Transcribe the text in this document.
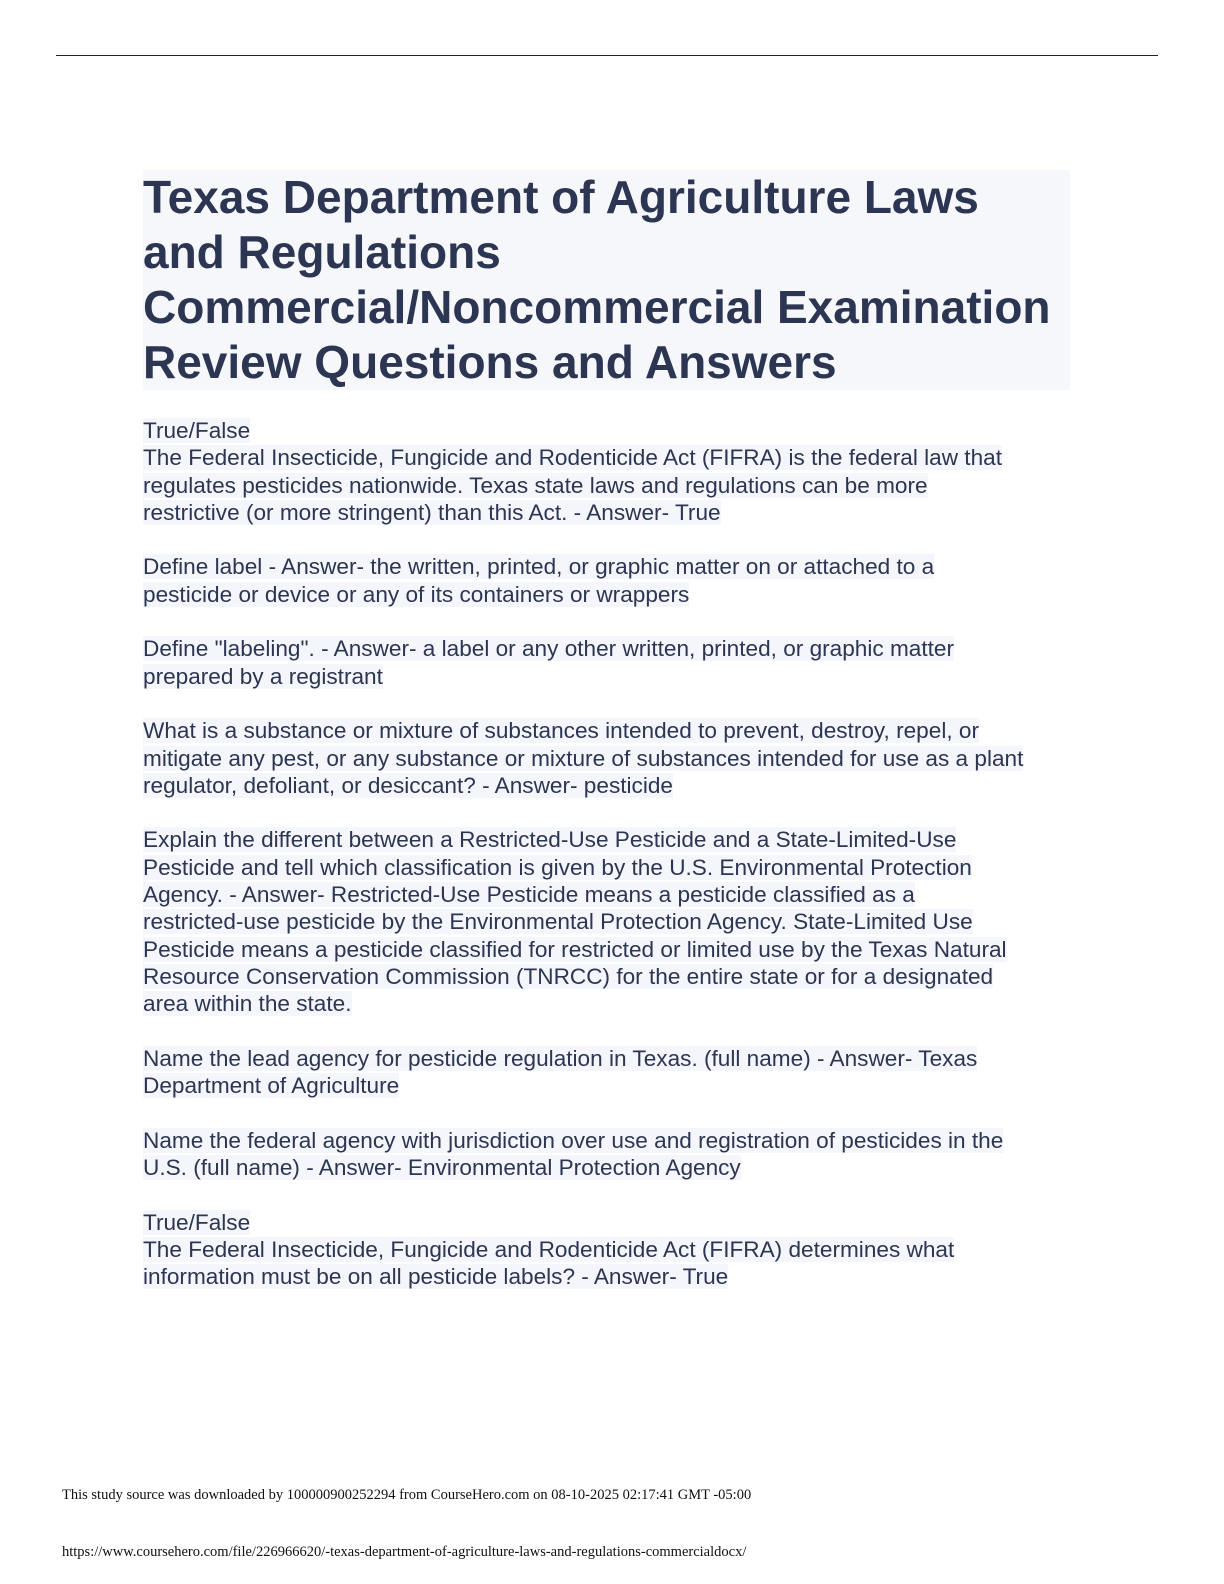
Texas Department of Agriculture Laws and Regulations Commercial/Noncommercial Examination Review Questions and Answers
True/False
The Federal Insecticide, Fungicide and Rodenticide Act (FIFRA) is the federal law that
regulates pesticides nationwide. Texas state laws and regulations can be more
restrictive (or more stringent) than this Act. - Answer- True
Define label - Answer- the written, printed, or graphic matter on or attached to a
pesticide or device or any of its containers or wrappers
Define "labeling". - Answer- a label or any other written, printed, or graphic matter
prepared by a registrant
What is a substance or mixture of substances intended to prevent, destroy, repel, or
mitigate any pest, or any substance or mixture of substances intended for use as a plant
regulator, defoliant, or desiccant? - Answer- pesticide
Explain the different between a Restricted-Use Pesticide and a State-Limited-Use
Pesticide and tell which classification is given by the U.S. Environmental Protection
Agency. - Answer- Restricted-Use Pesticide means a pesticide classified as a
restricted-use pesticide by the Environmental Protection Agency. State-Limited Use
Pesticide means a pesticide classified for restricted or limited use by the Texas Natural
Resource Conservation Commission (TNRCC) for the entire state or for a designated
area within the state.
Name the lead agency for pesticide regulation in Texas. (full name) - Answer- Texas
Department of Agriculture
Name the federal agency with jurisdiction over use and registration of pesticides in the
U.S. (full name) - Answer- Environmental Protection Agency
True/False
The Federal Insecticide, Fungicide and Rodenticide Act (FIFRA) determines what
information must be on all pesticide labels? - Answer- True
This study source was downloaded by 100000900252294 from CourseHero.com on 08-10-2025 02:17:41 GMT -05:00
https://www.coursehero.com/file/226966620/-texas-department-of-agriculture-laws-and-regulations-commercialdocx/
